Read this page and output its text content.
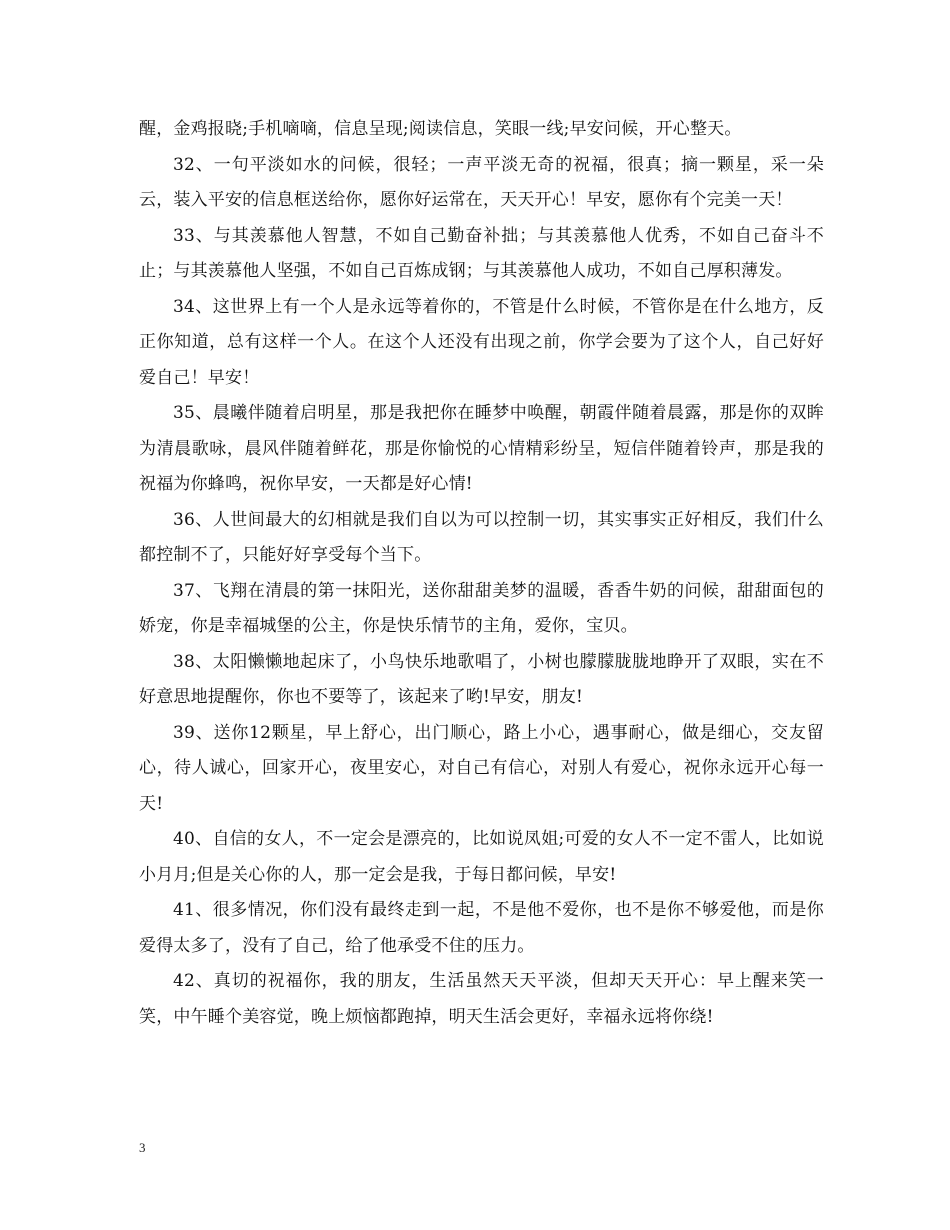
醒，金鸡报晓;手机嘀嘀，信息呈现;阅读信息，笑眼一线;早安问候，开心整天。

32、一句平淡如水的问候，很轻；一声平淡无奇的祝福，很真；摘一颗星，采一朵云，装入平安的信息框送给你，愿你好运常在，天天开心！早安，愿你有个完美一天！

33、与其羡慕他人智慧，不如自己勤奋补拙；与其羡慕他人优秀，不如自己奋斗不止；与其羡慕他人坚强，不如自己百炼成钢；与其羡慕他人成功，不如自己厚积薄发。

34、这世界上有一个人是永远等着你的，不管是什么时候，不管你是在什么地方，反正你知道，总有这样一个人。在这个人还没有出现之前，你学会要为了这个人，自己好好爱自己！早安！

35、晨曦伴随着启明星，那是我把你在睡梦中唤醒，朝霞伴随着晨露，那是你的双眸为清晨歌咏，晨风伴随着鲜花，那是你愉悦的心情精彩纷呈，短信伴随着铃声，那是我的祝福为你蜂鸣，祝你早安，一天都是好心情!

36、人世间最大的幻相就是我们自以为可以控制一切，其实事实正好相反，我们什么都控制不了，只能好好享受每个当下。

37、飞翔在清晨的第一抹阳光，送你甜甜美梦的温暖，香香牛奶的问候，甜甜面包的娇宠，你是幸福城堡的公主，你是快乐情节的主角，爱你，宝贝。

38、太阳懒懒地起床了，小鸟快乐地歌唱了，小树也朦朦胧胧地睁开了双眼，实在不好意思地提醒你，你也不要等了，该起来了哟!早安，朋友!

39、送你12颗星，早上舒心，出门顺心，路上小心，遇事耐心，做是细心，交友留心，待人诚心，回家开心，夜里安心，对自己有信心，对别人有爱心，祝你永远开心每一天!

40、自信的女人，不一定会是漂亮的，比如说凤姐;可爱的女人不一定不雷人，比如说小月月;但是关心你的人，那一定会是我，于每日都问候，早安!

41、很多情况，你们没有最终走到一起，不是他不爱你，也不是你不够爱他，而是你爱得太多了，没有了自己，给了他承受不住的压力。

42、真切的祝福你，我的朋友，生活虽然天天平淡，但却天天开心：早上醒来笑一笑，中午睡个美容觉，晚上烦恼都跑掉，明天生活会更好，幸福永远将你绕!

3
